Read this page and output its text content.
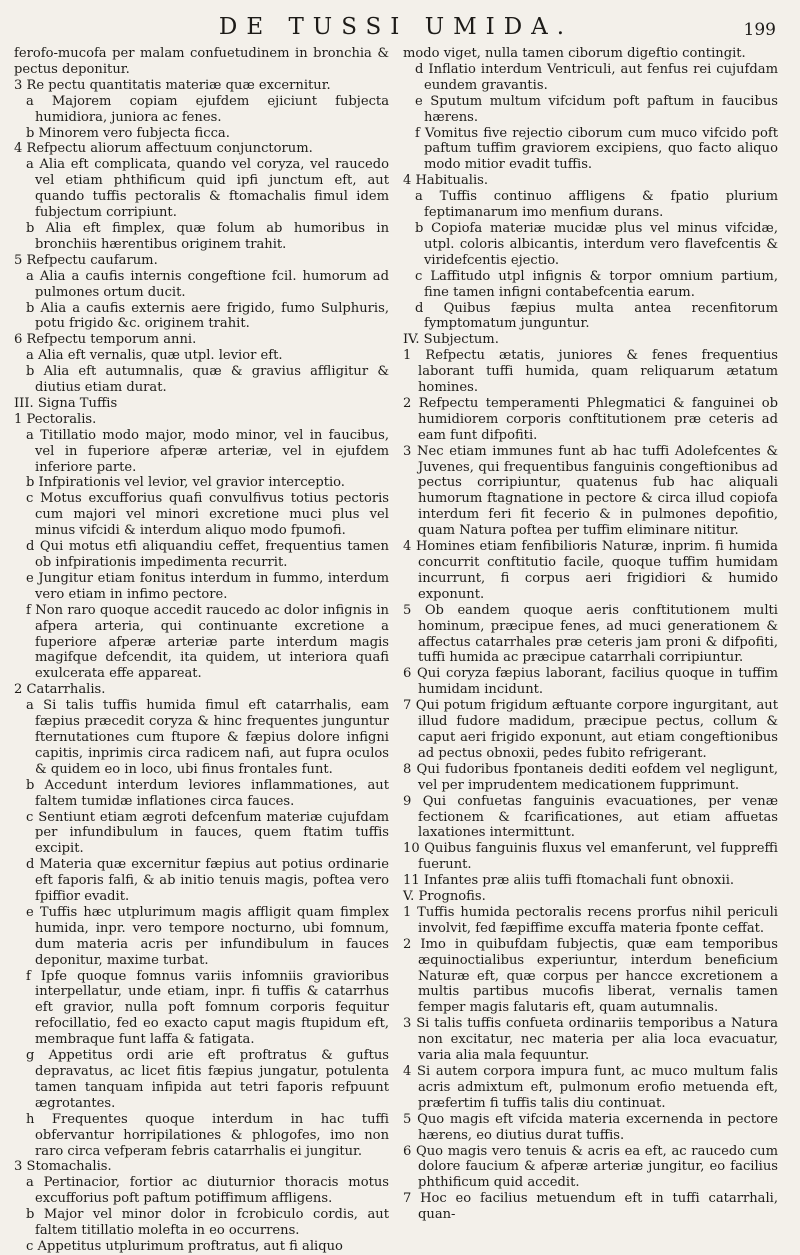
DE TUSSI UMIDA.	199

ferofo-mucofa per malam confuetudinem in bronchia & pectus deponitur.

3 Re pectu quantitatis materiæ quæ excernitur.

a Majorem copiam ejufdem ejiciunt fubjecta humidiora, juniora ac fenes.

b Minorem vero fubjecta ficca.

4 Refpectu aliorum affectuum conjunctorum.

a Alia eft complicata, quando vel coryza, vel raucedo vel etiam phthificum quid ipfi junctum eft, aut quando tuffis pectoralis & ftomachalis fimul idem fubjectum corripiunt.

b Alia eft fimplex, quæ folum ab humoribus in bronchiis hærentibus originem trahit.

5 Refpectu caufarum.

a Alia a caufis internis congeftione fcil. humorum ad pulmones ortum ducit.

b Alia a caufis externis aere frigido, fumo Sulphuris, potu frigido &c. originem trahit.

6 Refpectu temporum anni.

a Alia eft vernalis, quæ utpl. levior eft.

b Alia eft autumnalis, quæ & gravius affligitur & diutius etiam durat.

III. Signa Tuffis

1 Pectoralis.

a Titillatio modo major, modo minor, vel in faucibus, vel in fuperiore afperæ arteriæ, vel in ejufdem inferiore parte.

b Infpirationis vel levior, vel gravior interceptio.

c Motus excufforius quafi convulfivus totius pectoris cum majori vel minori excretione muci plus vel minus vifcidi & interdum aliquo modo fpumofi.

d Qui motus etfi aliquandiu ceffet, frequentius tamen ob infpirationis impedimenta recurrit.

e Jungitur etiam fonitus interdum in fummo, interdum vero etiam in infimo pectore.

f Non raro quoque accedit raucedo ac dolor infignis in afpera arteria, qui continuante excretione a fuperiore afperæ arteriæ parte interdum magis magifque defcendit, ita quidem, ut interiora quafi exulcerata effe appareat.

2 Catarrhalis.

a Si talis tuffis humida fimul eft catarrhalis, eam fæpius præcedit coryza & hinc frequentes junguntur fternutationes cum ftupore & fæpius dolore infigni capitis, inprimis circa radicem nafi, aut fupra oculos & quidem eo in loco, ubi finus frontales funt.

b Accedunt interdum leviores inflammationes, aut faltem tumidæ inflationes circa fauces.

c Sentiunt etiam ægroti defcenfum materiæ cujufdam per infundibulum in fauces, quem ftatim tuffis excipit.

d Materia quæ excernitur fæpius aut potius ordinarie eft faporis falfi, & ab initio tenuis magis, poftea vero fpiffior evadit.

e Tuffis hæc utplurimum magis affligit quam fimplex humida, inpr. vero tempore nocturno, ubi fomnum, dum materia acris per infundibulum in fauces deponitur, maxime turbat.

f Ipfe quoque fomnus variis infomniis gravioribus interpellatur, unde etiam, inpr. fi tuffis & catarrhus eft gravior, nulla poft fomnum corporis fequitur refocillatio, fed eo exacto caput magis ftupidum eft, membraque funt laffa & fatigata.

g Appetitus ordi arie eft proftratus & guftus depravatus, ac licet fitis fæpius jungatur, potulenta tamen tanquam infipida aut tetri faporis refpuunt ægrotantes.

h Frequentes quoque interdum in hac tuffi obfervantur horripilationes & phlogofes, imo non raro circa vefperam febris catarrhalis ei jungitur.

3 Stomachalis.

a Pertinacior, fortior ac diuturnior thoracis motus excufforius poft paftum potiffimum affligens.

b Major vel minor dolor in fcrobiculo cordis, aut faltem titillatio molefta in eo occurrens.

c Appetitus utplurimum proftratus, aut fi aliquo

modo viget, nulla tamen ciborum digeftio contingit.

d Inflatio interdum Ventriculi, aut fenfus rei cujufdam eundem gravantis.

e Sputum multum vifcidum poft paftum in faucibus hærens.

f Vomitus five rejectio ciborum cum muco vifcido poft paftum tuffim graviorem excipiens, quo facto aliquo modo mitior evadit tuffis.

4 Habitualis.

a Tuffis continuo affligens & fpatio plurium feptimanarum imo menfium durans.

b Copiofa materiæ mucidæ plus vel minus vifcidæ, utpl. coloris albicantis, interdum vero flavefcentis & viridefcentis ejectio.

c Laffitudo utpl infignis & torpor omnium partium, fine tamen infigni contabefcentia earum.

d Quibus fæpius multa antea recenfitorum fymptomatum junguntur.

IV. Subjectum.

1 Refpectu ætatis, juniores & fenes frequentius laborant tuffi humida, quam reliquarum ætatum homines.

2 Refpectu temperamenti Phlegmatici & fanguinei ob humidiorem corporis conftitutionem præ ceteris ad eam funt difpofiti.

3 Nec etiam immunes funt ab hac tuffi Adolefcentes & Juvenes, qui frequentibus fanguinis congeftionibus ad pectus corripiuntur, quatenus fub hac aliquali humorum ftagnatione in pectore & circa illud copiofa interdum feri fit fecerio & in pulmones depofitio, quam Natura poftea per tuffim eliminare nititur.

4 Homines etiam fenfibilioris Naturæ, inprim. fi humida concurrit conftitutio facile, quoque tuffim humidam incurrunt, fi corpus aeri frigidiori & humido exponunt.

5 Ob eandem quoque aeris conftitutionem multi hominum, præcipue fenes, ad muci generationem & affectus catarrhales præ ceteris jam proni & difpofiti, tuffi humida ac præcipue catarrhali corripiuntur.

6 Qui coryza fæpius laborant, facilius quoque in tuffim humidam incidunt.

7 Qui potum frigidum æftuante corpore ingurgitant, aut illud fudore madidum, præcipue pectus, collum & caput aeri frigido exponunt, aut etiam congeftionibus ad pectus obnoxii, pedes fubito refrigerant.

8 Qui fudoribus fpontaneis dediti eofdem vel negligunt, vel per imprudentem medicationem fupprimunt.

9 Qui confuetas fanguinis evacuationes, per venæ fectionem & fcarificationes, aut etiam affuetas laxationes intermittunt.

10 Quibus fanguinis fluxus vel emanferunt, vel fuppreffi fuerunt.

11 Infantes præ aliis tuffi ftomachali funt obnoxii.

V. Prognofis.

1 Tuffis humida pectoralis recens prorfus nihil periculi involvit, fed fæpiffime excuffa materia fponte ceffat.

2 Imo in quibufdam fubjectis, quæ eam temporibus æquinoctialibus experiuntur, interdum beneficium Naturæ eft, quæ corpus per hancce excretionem a multis partibus mucofis liberat, vernalis tamen femper magis falutaris eft, quam autumnalis.

3 Si talis tuffis confueta ordinariis temporibus a Natura non excitatur, nec materia per alia loca evacuatur, varia alia mala fequuntur.

4 Si autem corpora impura funt, ac muco multum falis acris admixtum eft, pulmonum erofio metuenda eft, præfertim fi tuffis talis diu continuat.

5 Quo magis eft vifcida materia excernenda in pectore hærens, eo diutius durat tuffis.

6 Quo magis vero tenuis & acris ea eft, ac raucedo cum dolore faucium & afperæ arteriæ jungitur, eo facilius phthificum quid accedit.

7 Hoc eo facilius metuendum eft in tuffi catarrhali, quan-
